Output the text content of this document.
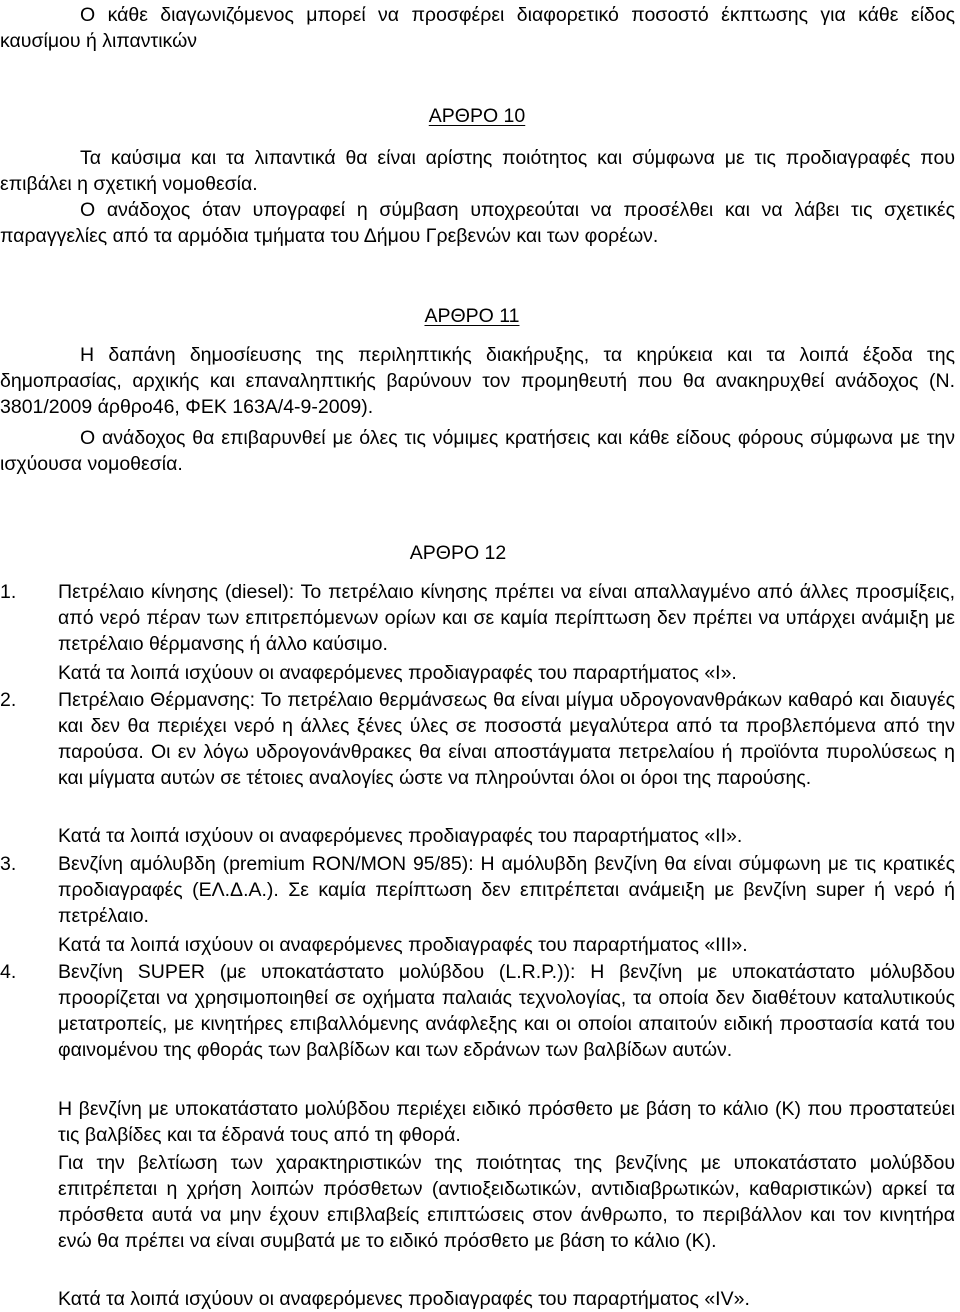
Ο κάθε διαγωνιζόμενος μπορεί να προσφέρει διαφορετικό ποσοστό έκπτωσης για κάθε είδος καυσίμου ή λιπαντικών

ΑΡΘΡΟ 10

Τα καύσιμα και τα λιπαντικά θα είναι αρίστης ποιότητος και σύμφωνα με τις προδιαγραφές που επιβάλει η σχετική νομοθεσία.

Ο ανάδοχος όταν υπογραφεί η σύμβαση υποχρεούται να προσέλθει και να λάβει τις σχετικές παραγγελίες από τα αρμόδια τμήματα του Δήμου Γρεβενών και των φορέων.

ΑΡΘΡΟ 11

Η δαπάνη δημοσίευσης της περιληπτικής διακήρυξης, τα κηρύκεια και τα λοιπά έξοδα της δημοπρασίας, αρχικής και επαναληπτικής βαρύνουν τον προμηθευτή που θα ανακηρυχθεί ανάδοχος (Ν. 3801/2009 άρθρο46, ΦΕΚ 163Α/4-9-2009).

Ο ανάδοχος θα επιβαρυνθεί με όλες τις νόμιμες κρατήσεις και κάθε είδους φόρους σύμφωνα με την ισχύουσα νομοθεσία.

ΑΡΘΡΟ 12

1.	Πετρέλαιο κίνησης (diesel): Το πετρέλαιο κίνησης πρέπει να είναι απαλλαγμένο από άλλες προσμίξεις, από νερό πέραν των επιτρεπόμενων ορίων και σε καμία περίπτωση δεν πρέπει να υπάρχει ανάμιξη με πετρέλαιο θέρμανσης ή άλλο καύσιμο.

Κατά τα λοιπά ισχύουν οι αναφερόμενες προδιαγραφές του παραρτήματος «Ι».

2.	Πετρέλαιο Θέρμανσης: Το πετρέλαιο θερμάνσεως θα είναι μίγμα υδρογονανθράκων καθαρό και διαυγές και δεν θα περιέχει νερό η άλλες ξένες ύλες σε ποσοστά μεγαλύτερα από τα προβλεπόμενα από την παρούσα. Οι εν λόγω υδρογονάνθρακες θα είναι αποστάγματα πετρελαίου ή προϊόντα πυρολύσεως η και μίγματα αυτών σε τέτοιες αναλογίες ώστε να πληρούνται όλοι οι όροι της παρούσης.

Κατά τα λοιπά ισχύουν οι αναφερόμενες προδιαγραφές του παραρτήματος «ΙΙ».

3.	Βενζίνη αμόλυβδη (premium RON/MON 95/85): Η αμόλυβδη βενζίνη θα είναι σύμφωνη με τις κρατικές προδιαγραφές (ΕΛ.Δ.Α.). Σε καμία περίπτωση δεν επιτρέπεται ανάμειξη με βενζίνη super ή νερό ή πετρέλαιο.

Κατά τα λοιπά ισχύουν οι αναφερόμενες προδιαγραφές του παραρτήματος «ΙΙΙ».

4.	Βενζίνη SUPER (με υποκατάστατο μολύβδου (L.R.P.)): Η βενζίνη με υποκατάστατο μόλυβδου προορίζεται να χρησιμοποιηθεί σε οχήματα παλαιάς τεχνολογίας, τα οποία δεν διαθέτουν καταλυτικούς μετατροπείς, με κινητήρες επιβαλλόμενης ανάφλεξης και οι οποίοι απαιτούν ειδική προστασία κατά του φαινομένου της φθοράς των βαλβίδων και των εδράνων των βαλβίδων αυτών.

Η βενζίνη με υποκατάστατο μολύβδου περιέχει ειδικό πρόσθετο με βάση το κάλιο (Κ) που προστατεύει τις βαλβίδες και τα έδρανά τους από τη φθορά.

Για την βελτίωση των χαρακτηριστικών της ποιότητας της βενζίνης με υποκατάστατο μολύβδου επιτρέπεται η χρήση λοιπών πρόσθετων (αντιοξειδωτικών, αντιδιαβρωτικών, καθαριστικών) αρκεί τα πρόσθετα αυτά να μην έχουν επιβλαβείς επιπτώσεις στον άνθρωπο, το περιβάλλον και τον κινητήρα ενώ θα πρέπει να είναι συμβατά με το ειδικό πρόσθετο με βάση το κάλιο (Κ).

Κατά τα λοιπά ισχύουν οι αναφερόμενες προδιαγραφές του παραρτήματος «ΙV».
